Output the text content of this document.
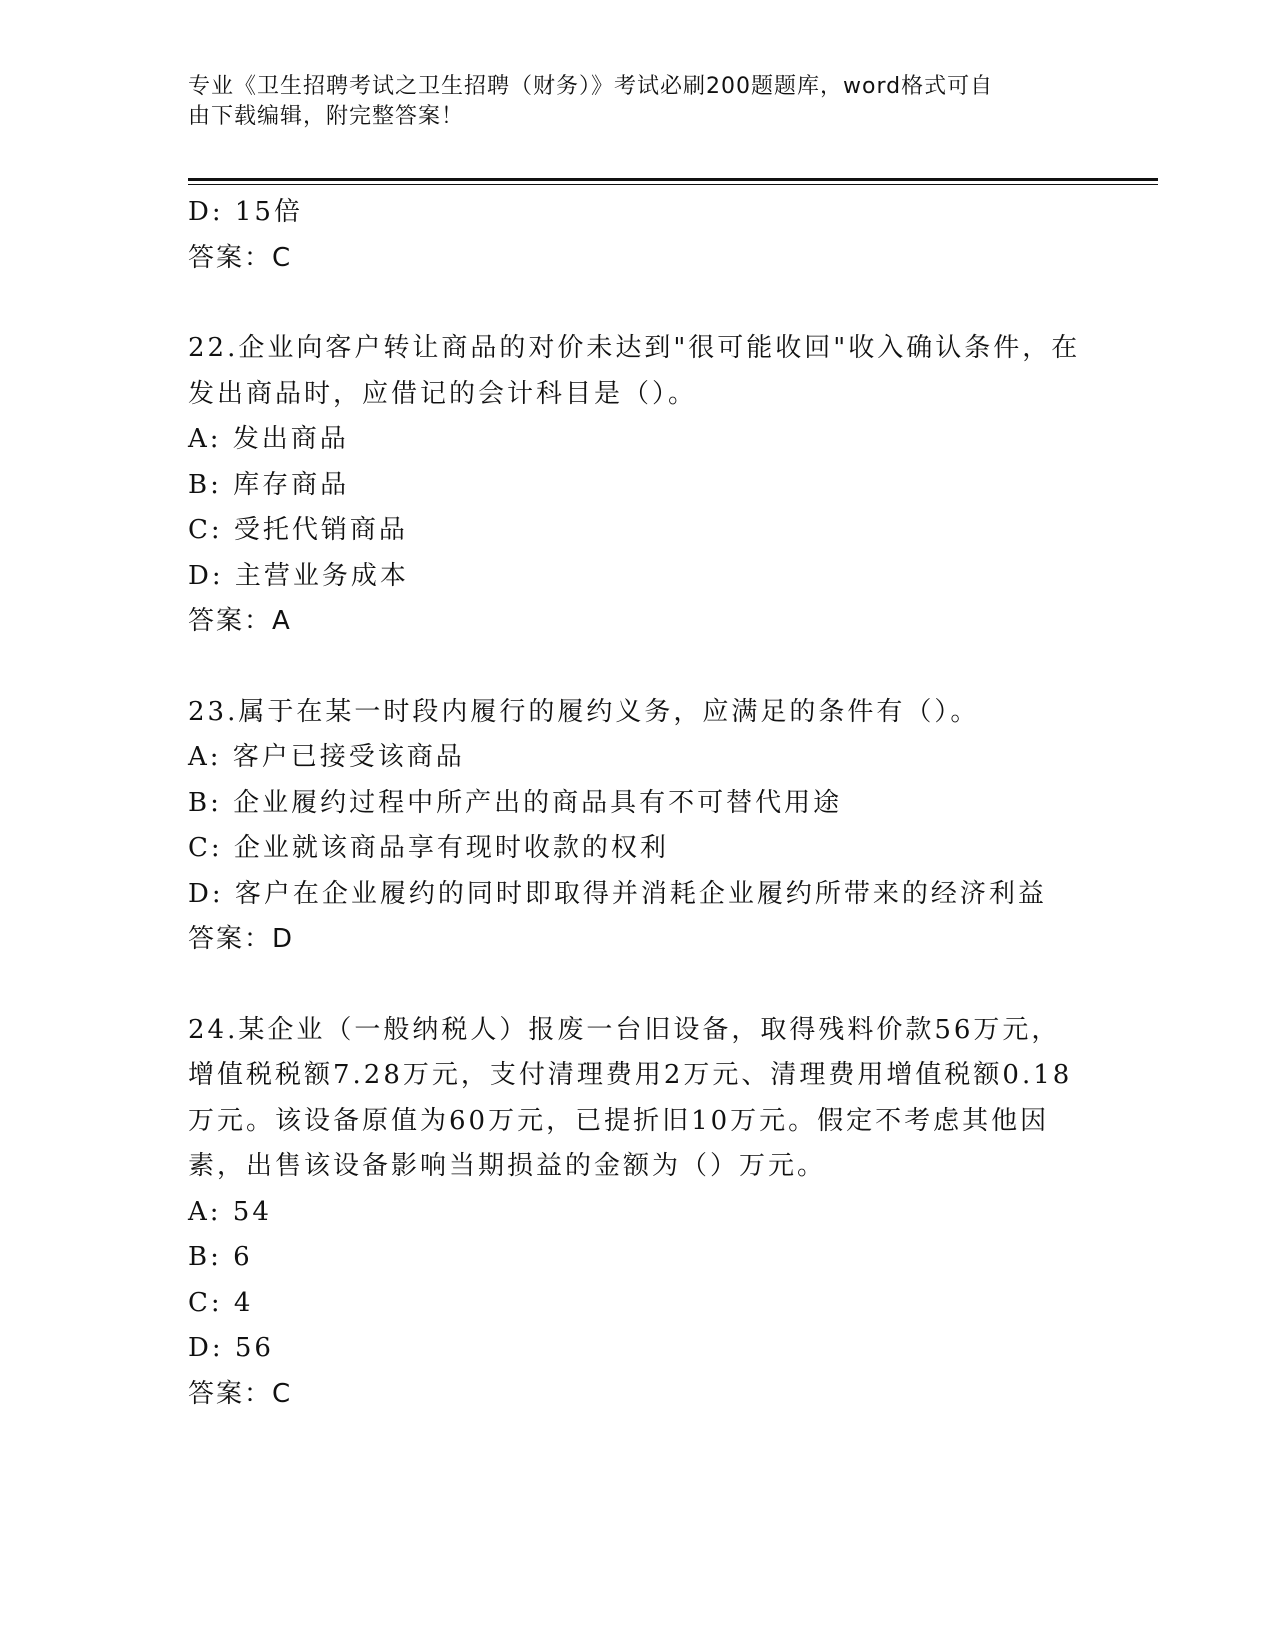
专业《卫生招聘考试之卫生招聘（财务）》考试必刷200题题库，word格式可自
由下载编辑，附完整答案！
D: 15倍
答案：C
22.企业向客户转让商品的对价未达到"很可能收回"收入确认条件，在
发出商品时，应借记的会计科目是（）。
A: 发出商品
B: 库存商品
C: 受托代销商品
D: 主营业务成本
答案：A
23.属于在某一时段内履行的履约义务，应满足的条件有（）。
A: 客户已接受该商品
B: 企业履约过程中所产出的商品具有不可替代用途
C: 企业就该商品享有现时收款的权利
D: 客户在企业履约的同时即取得并消耗企业履约所带来的经济利益
答案：D
24.某企业（一般纳税人）报废一台旧设备，取得残料价款56万元，
增值税税额7.28万元，支付清理费用2万元、清理费用增值税额0.18
万元。该设备原值为60万元，已提折旧10万元。假定不考虑其他因
素，出售该设备影响当期损益的金额为（）万元。
A: 54
B: 6
C: 4
D: 56
答案：C
